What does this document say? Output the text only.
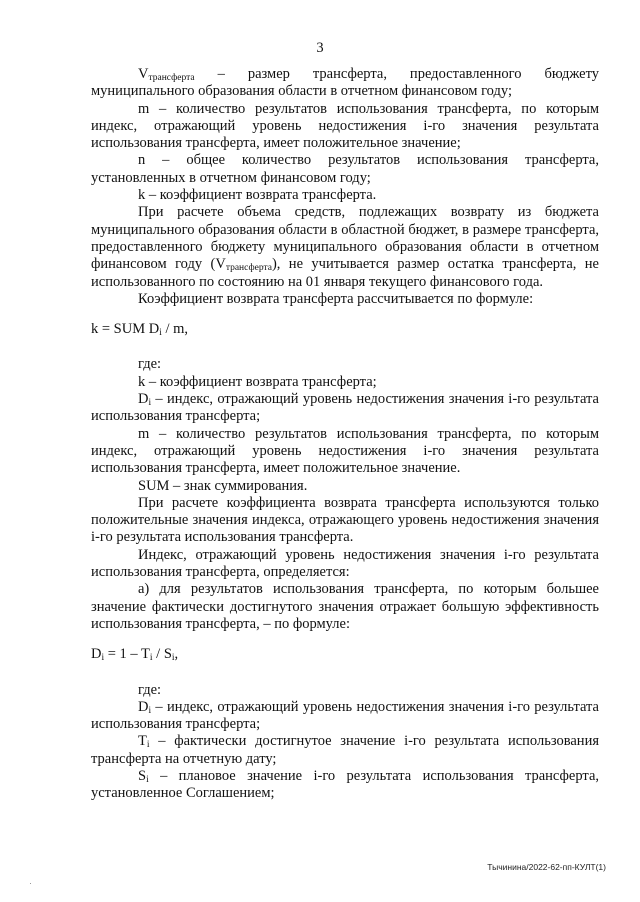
3

$V_{трансферта}$ – размер трансферта, предоставленного бюджету муниципального образования области в отчетном финансовом году;

m – количество результатов использования трансферта, по которым индекс, отражающий уровень недостижения i-го значения результата использования трансферта, имеет положительное значение;

n – общее количество результатов использования трансферта, установленных в отчетном финансовом году;

k – коэффициент возврата трансферта.

При расчете объема средств, подлежащих возврату из бюджета муниципального образования области в областной бюджет, в размере трансферта, предоставленного бюджету муниципального образования области в отчетном финансовом году $(V_{трансферта})$, не учитывается размер остатка трансферта, не использованного по состоянию на 01 января текущего финансового года.

Коэффициент возврата трансферта рассчитывается по формуле:

k = SUM $D_i$ / m,

где:

k – коэффициент возврата трансферта;

$D_i$ – индекс, отражающий уровень недостижения значения i-го результата использования трансферта;

m – количество результатов использования трансферта, по которым индекс, отражающий уровень недостижения i-го значения результата использования трансферта, имеет положительное значение.

SUM – знак суммирования.

При расчете коэффициента возврата трансферта используются только положительные значения индекса, отражающего уровень недостижения значения i-го результата использования трансферта.

Индекс, отражающий уровень недостижения значения i-го результата использования трансферта, определяется:

а) для результатов использования трансферта, по которым большее значение фактически достигнутого значения отражает большую эффективность использования трансферта, – по формуле:

$D_i = 1 - T_i / S_i$,

где:

$D_i$ – индекс, отражающий уровень недостижения значения i-го результата использования трансферта;

$T_i$ – фактически достигнутое значение i-го результата использования трансферта на отчетную дату;

$S_i$ – плановое значение i-го результата использования трансферта, установленное Соглашением;

Тычинина/2022-62-пп-КУЛТ(1)
